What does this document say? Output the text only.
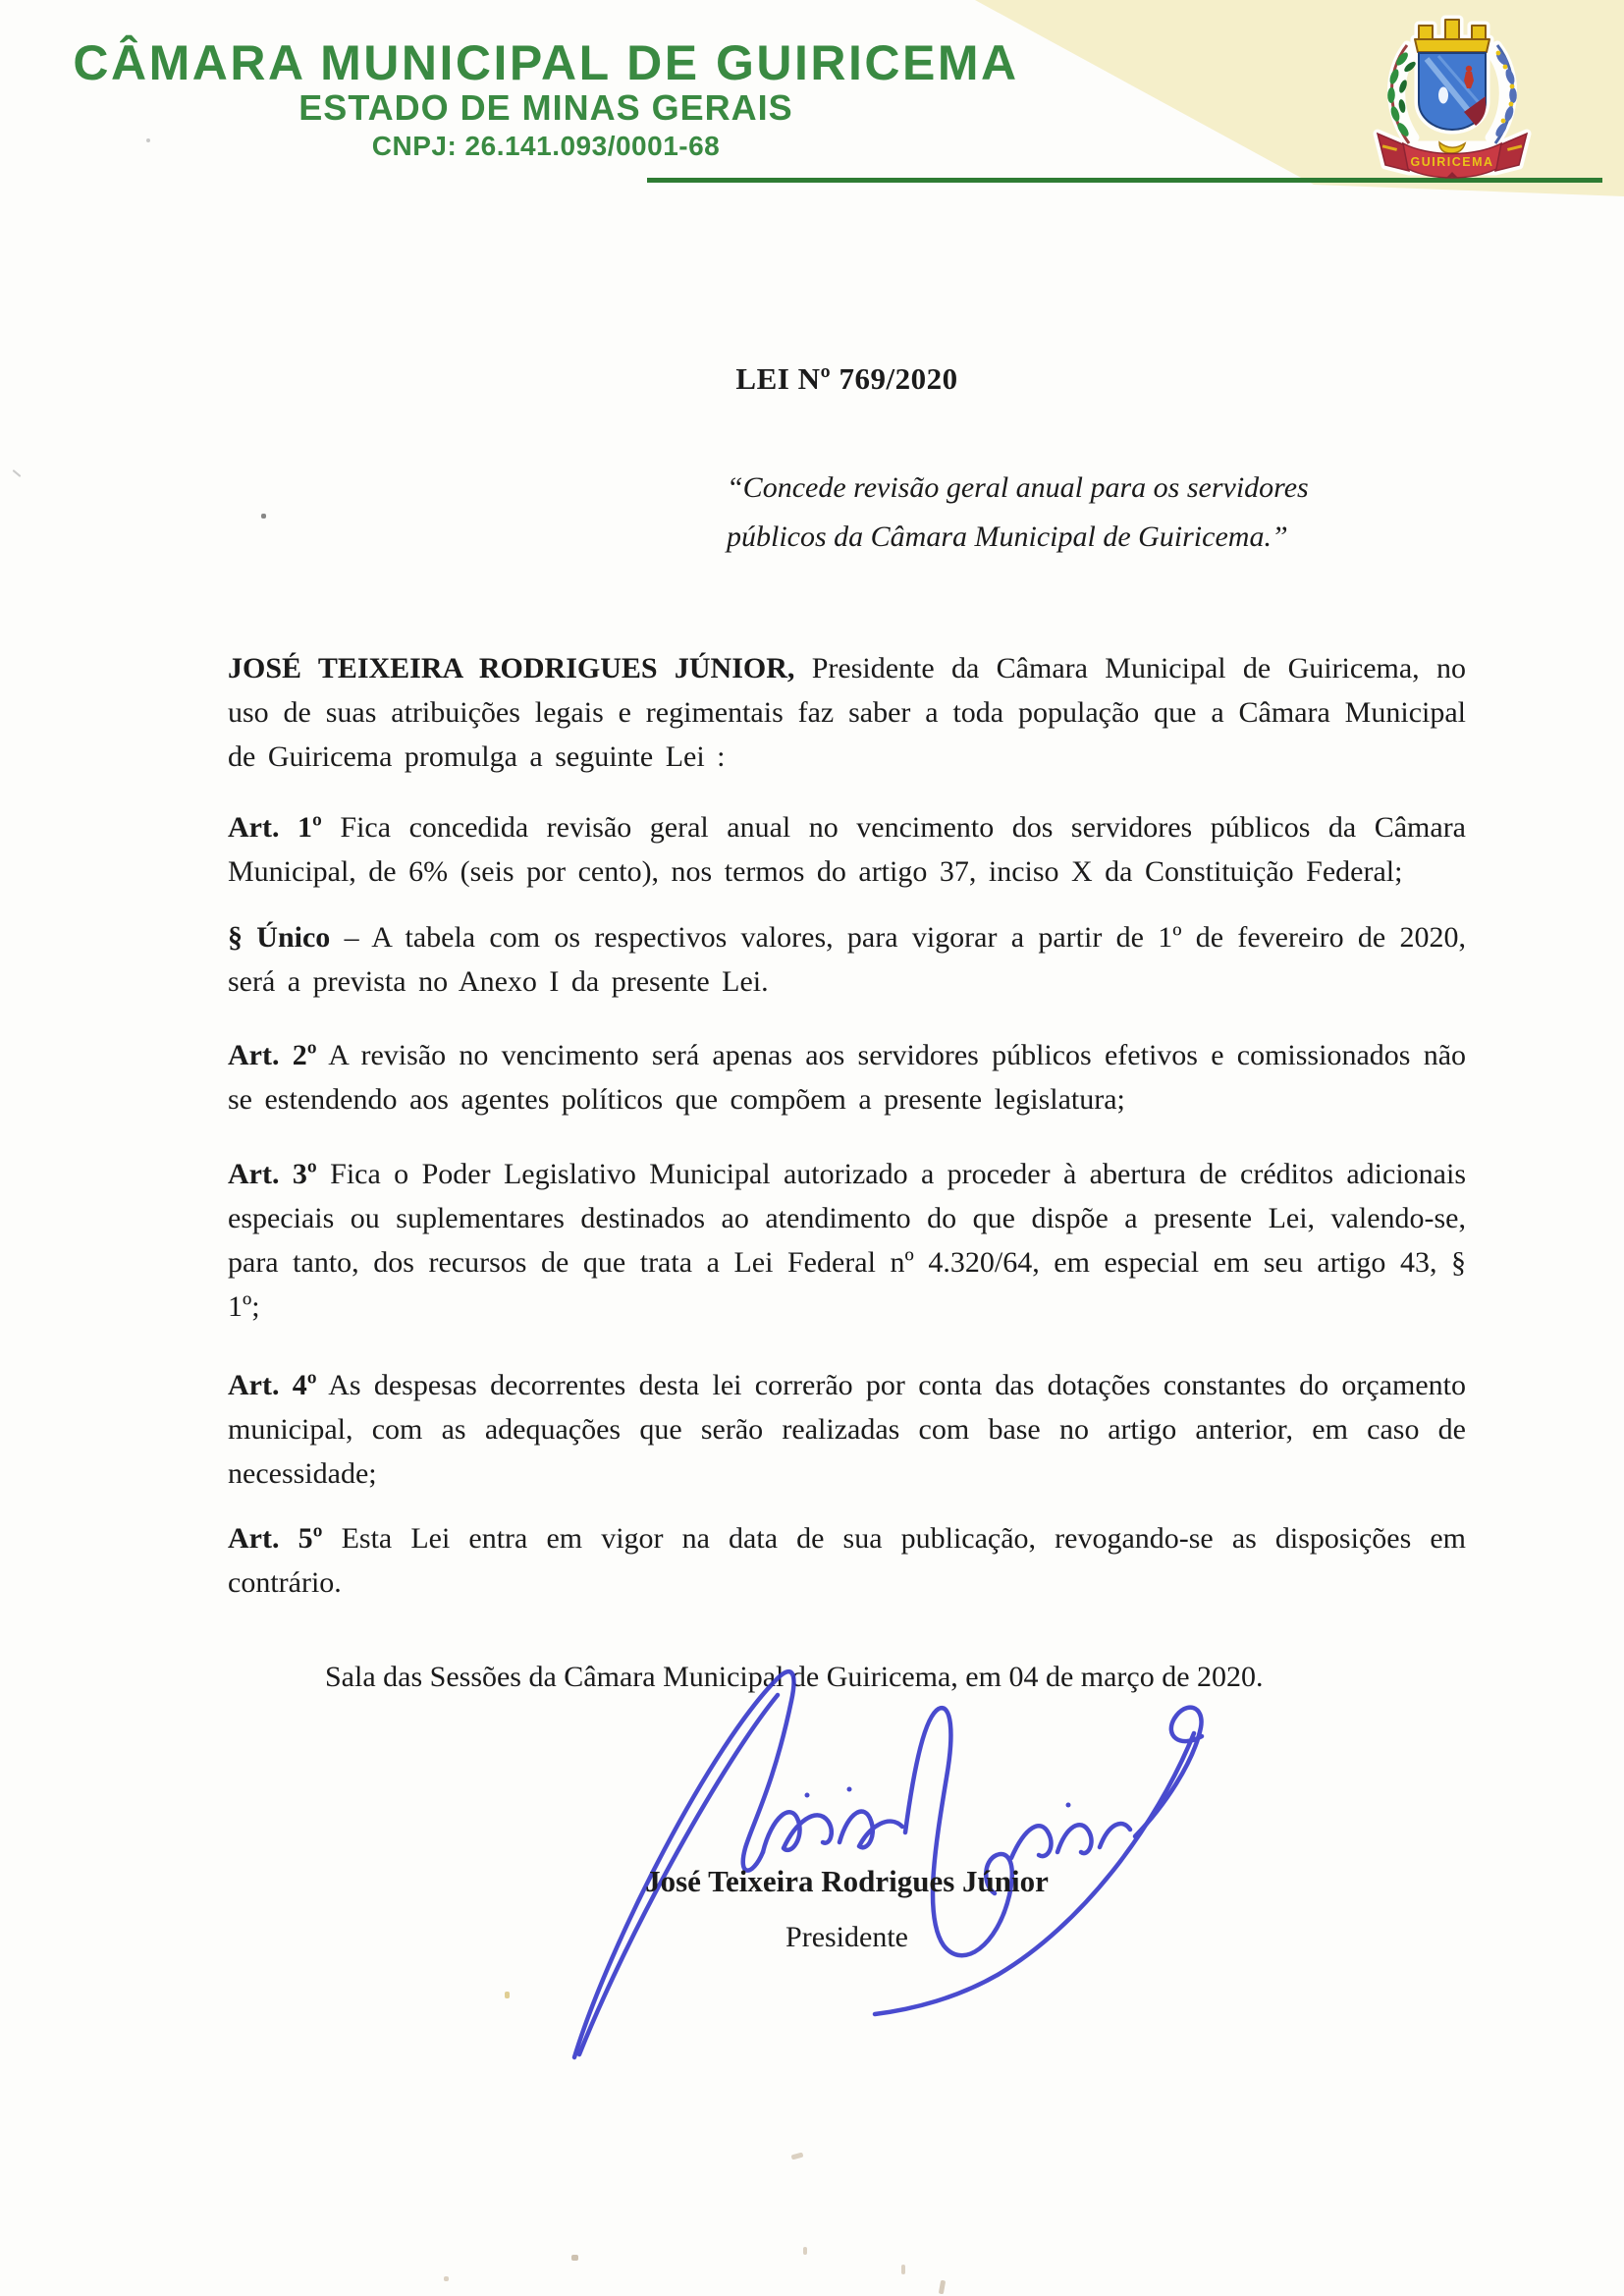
CÂMARA MUNICIPAL DE GUIRICEMA
ESTADO DE MINAS GERAIS
CNPJ: 26.141.093/0001-68
GUIRICEMA
LEI Nº 769/2020
“Concede revisão geral anual para os servidores
públicos da Câmara Municipal de Guiricema.”
JOSÉ TEIXEIRA RODRIGUES JÚNIOR, Presidente da Câmara Municipal de Guiricema, no uso de suas atribuições legais e regimentais faz saber a toda população que a Câmara Municipal de Guiricema promulga a seguinte Lei :
Art. 1º Fica concedida revisão geral anual no vencimento dos servidores públicos da Câmara Municipal, de 6% (seis por cento), nos termos do artigo 37, inciso X da Constituição Federal;
§ Único – A tabela com os respectivos valores, para vigorar a partir de 1º de fevereiro de 2020, será a prevista no Anexo I da presente Lei.
Art. 2º A revisão no vencimento será apenas aos servidores públicos efetivos e comissionados não se estendendo aos agentes políticos que compõem a presente legislatura;
Art. 3º Fica o Poder Legislativo Municipal autorizado a proceder à abertura de créditos adicionais especiais ou suplementares destinados ao atendimento do que dispõe a presente Lei, valendo-se, para tanto, dos recursos de que trata a Lei Federal nº 4.320/64, em especial em seu artigo 43, § 1º;
Art. 4º As despesas decorrentes desta lei correrão por conta das dotações constantes do orçamento municipal, com as adequações que serão realizadas com base no artigo anterior, em caso de necessidade;
Art. 5º Esta Lei entra em vigor na data de sua publicação, revogando-se as disposições em contrário.
Sala das Sessões da Câmara Municipal de Guiricema, em 04 de março de 2020.
José Teixeira Rodrigues Júnior
Presidente
